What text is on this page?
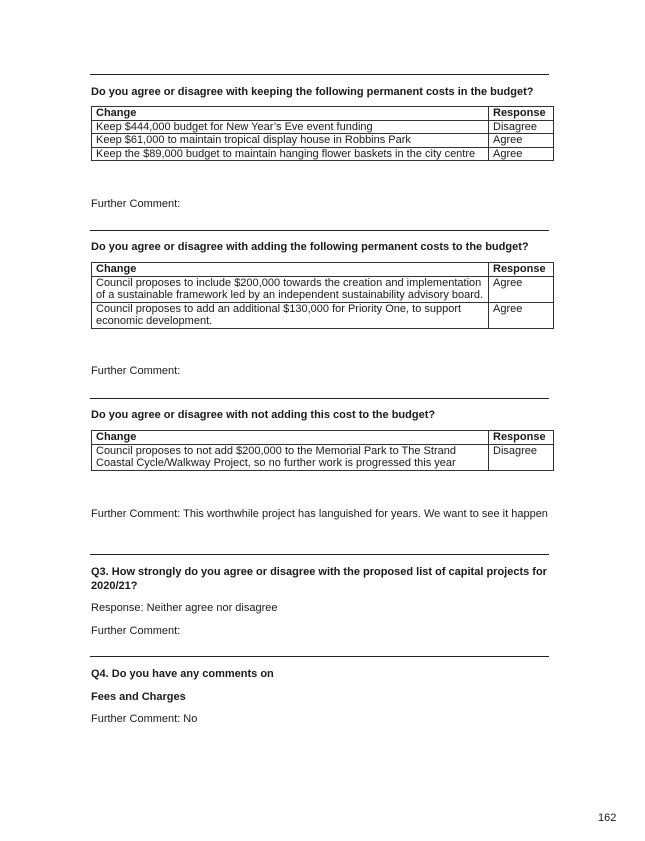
Do you agree or disagree with keeping the following permanent costs in the budget?
Change	Response
Keep $444,000 budget for New Year’s Eve event funding	Disagree
Keep $61,000 to maintain tropical display house in Robbins Park	Agree
Keep the $89,000 budget to maintain hanging flower baskets in the city centre	Agree
Further Comment:
Do you agree or disagree with adding the following permanent costs to the budget?
Change	Response
Council proposes to include $200,000 towards the creation and implementation of a sustainable framework led by an independent sustainability advisory board.	Agree
Council proposes to add an additional $130,000 for Priority One, to support economic development.	Agree
Further Comment:
Do you agree or disagree with not adding this cost to the budget?
Change	Response
Council proposes to not add $200,000 to the Memorial Park to The Strand Coastal Cycle/Walkway Project, so no further work is progressed this year	Disagree
Further Comment: This worthwhile project has languished for years. We want to see it happen
Q3. How strongly do you agree or disagree with the proposed list of capital projects for 2020/21?
Response: Neither agree nor disagree
Further Comment:
Q4. Do you have any comments on
Fees and Charges
Further Comment: No
162
